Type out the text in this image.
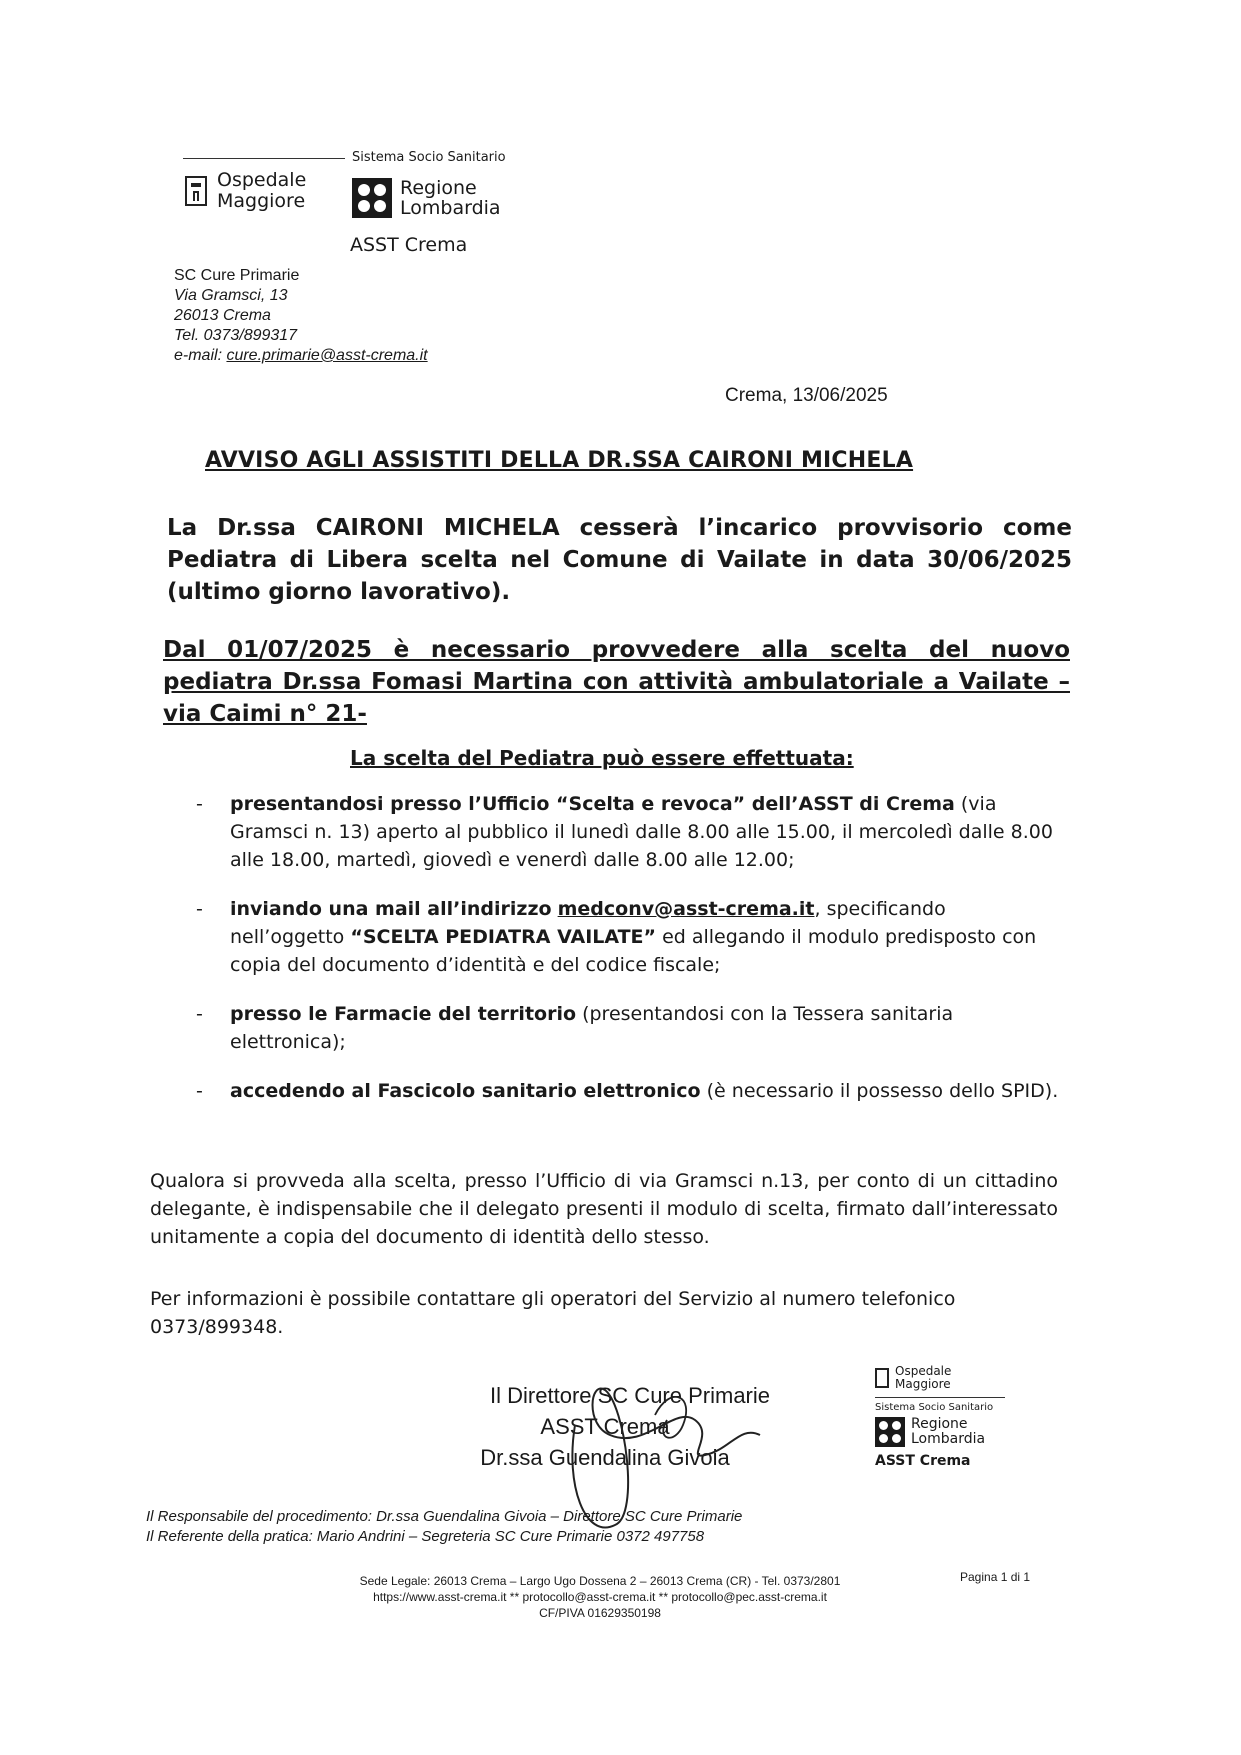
Sistema Socio Sanitario
Ospedale
Maggiore
Regione
Lombardia
ASST Crema
SC Cure Primarie
Via Gramsci, 13
26013 Crema
Tel. 0373/899317
e-mail: cure.primarie@asst-crema.it
Crema, 13/06/2025
AVVISO AGLI ASSISTITI DELLA DR.SSA CAIRONI MICHELA
La Dr.ssa CAIRONI MICHELA cesserà l’incarico provvisorio come Pediatra di Libera scelta nel Comune di Vailate in data 30/06/2025 (ultimo giorno lavorativo).
Dal 01/07/2025 è necessario provvedere alla scelta del nuovo pediatra Dr.ssa Fomasi Martina con attività ambulatoriale a Vailate –via Caimi n° 21-
La scelta del Pediatra può essere effettuata:
- presentandosi presso l’Ufficio “Scelta e revoca” dell’ASST di Crema (via Gramsci n. 13) aperto al pubblico il lunedì dalle 8.00 alle 15.00, il mercoledì dalle 8.00 alle 18.00, martedì, giovedì e venerdì dalle 8.00 alle 12.00;
- inviando una mail all’indirizzo medconv@asst-crema.it, specificando nell’oggetto “SCELTA PEDIATRA VAILATE” ed allegando il modulo predisposto con copia del documento d’identità e del codice fiscale;
- presso le Farmacie del territorio (presentandosi con la Tessera sanitaria elettronica);
- accedendo al Fascicolo sanitario elettronico (è necessario il possesso dello SPID).
Qualora si provveda alla scelta, presso l’Ufficio di via Gramsci n.13, per conto di un cittadino delegante, è indispensabile che il delegato presenti il modulo di scelta, firmato dall’interessato unitamente a copia del documento di identità dello stesso.
Per informazioni è possibile contattare gli operatori del Servizio al numero telefonico 0373/899348.
Il Direttore SC Cure Primarie
ASST Crema
Dr.ssa Guendalina Givoia
Ospedale
Maggiore
Sistema Socio Sanitario
Regione
Lombardia
ASST Crema
Il Responsabile del procedimento: Dr.ssa Guendalina Givoia – Direttore SC Cure Primarie
Il Referente della pratica: Mario Andrini – Segreteria SC Cure Primarie 0372 497758
Sede Legale: 26013 Crema – Largo Ugo Dossena 2 – 26013 Crema (CR) - Tel. 0373/2801
https://www.asst-crema.it ** protocollo@asst-crema.it ** protocollo@pec.asst-crema.it
CF/PIVA 01629350198
Pagina 1 di 1
